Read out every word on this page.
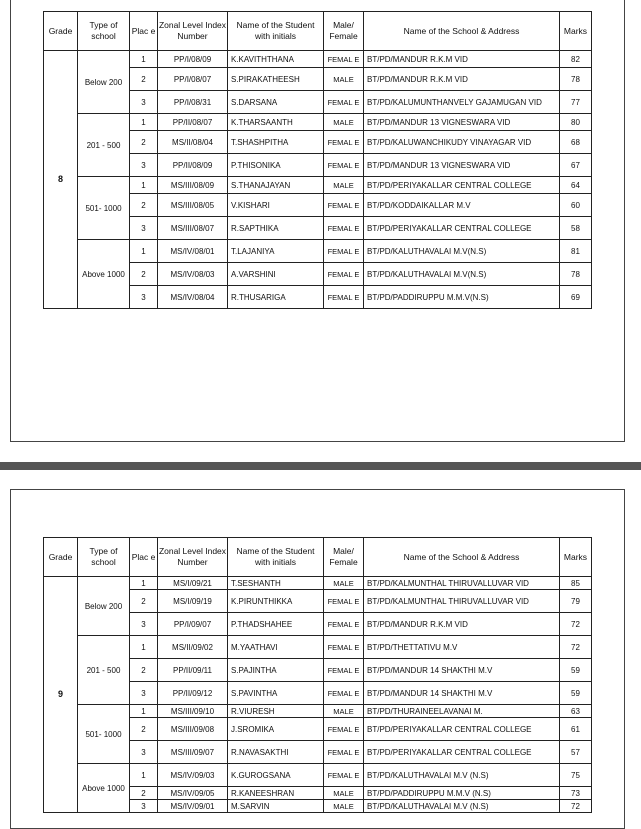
Grade	Type of school	Plac e	Zonal Level Index Number	Name of the Student with initials	Male/ Female	Name of the School & Address	Marks
8	Below 200	1	PP/I/08/09	K.KAVITHTHANA	FEMAL E	BT/PD/MANDUR R.K.M VID	82
		2	PP/I/08/07	S.PIRAKATHEESH	MALE	BT/PD/MANDUR R.K.M VID	78
		3	PP/I/08/31	S.DARSANA	FEMAL E	BT/PD/KALUMUNTHANVELY GAJAMUGAN VID	77
	201 - 500	1	PP/II/08/07	K.THARSAANTH	MALE	BT/PD/MANDUR 13 VIGNESWARA VID	80
		2	MS/II/08/04	T.SHASHPITHA	FEMAL E	BT/PD/KALUWANCHIKUDY VINAYAGAR VID	68
		3	PP/II/08/09	P.THISONIKA	FEMAL E	BT/PD/MANDUR 13 VIGNESWARA VID	67
	501- 1000	1	MS/III/08/09	S.THANAJAYAN	MALE	BT/PD/PERIYAKALLAR CENTRAL COLLEGE	64
		2	MS/III/08/05	V.KISHARI	FEMAL E	BT/PD/KODDAIKALLAR M.V	60
		3	MS/III/08/07	R.SAPTHIKA	FEMAL E	BT/PD/PERIYAKALLAR CENTRAL COLLEGE	58
	Above 1000	1	MS/IV/08/01	T.LAJANIYA	FEMAL E	BT/PD/KALUTHAVALAI M.V(N.S)	81
		2	MS/IV/08/03	A.VARSHINI	FEMAL E	BT/PD/KALUTHAVALAI M.V(N.S)	78
		3	MS/IV/08/04	R.THUSARIGA	FEMAL E	BT/PD/PADDIRUPPU M.M.V(N.S)	69
Grade	Type of school	Plac e	Zonal Level Index Number	Name of the Student with initials	Male/ Female	Name of the School & Address	Marks
9	Below 200	1	MS/I/09/21	T.SESHANTH	MALE	BT/PD/KALMUNTHAL THIRUVALLUVAR VID	85
		2	MS/I/09/19	K.PIRUNTHIKKA	FEMAL E	BT/PD/KALMUNTHAL THIRUVALLUVAR VID	79
		3	PP/I/09/07	P.THADSHAHEE	FEMAL E	BT/PD/MANDUR R.K.M VID	72
	201 - 500	1	MS/II/09/02	M.YAATHAVI	FEMAL E	BT/PD/THETTATIVU M.V	72
		2	PP/II/09/11	S.PAJINTHA	FEMAL E	BT/PD/MANDUR 14 SHAKTHI M.V	59
		3	PP/II/09/12	S.PAVINTHA	FEMAL E	BT/PD/MANDUR 14 SHAKTHI M.V	59
	501- 1000	1	MS/III/09/10	R.VIURESH	MALE	BT/PD/THURAINEELAVANAI M.	63
		2	MS/III/09/08	J.SROMIKA	FEMAL E	BT/PD/PERIYAKALLAR CENTRAL COLLEGE	61
		3	MS/III/09/07	R.NAVASAKTHI	FEMAL E	BT/PD/PERIYAKALLAR CENTRAL COLLEGE	57
	Above 1000	1	MS/IV/09/03	K.GUROGSANA	FEMAL E	BT/PD/KALUTHAVALAI M.V (N.S)	75
		2	MS/IV/09/05	R.KANEESHRAN	MALE	BT/PD/PADDIRUPPU M.M.V (N.S)	73
		3	MS/IV/09/01	M.SARVIN	MALE	BT/PD/KALUTHAVALAI M.V (N.S)	72
